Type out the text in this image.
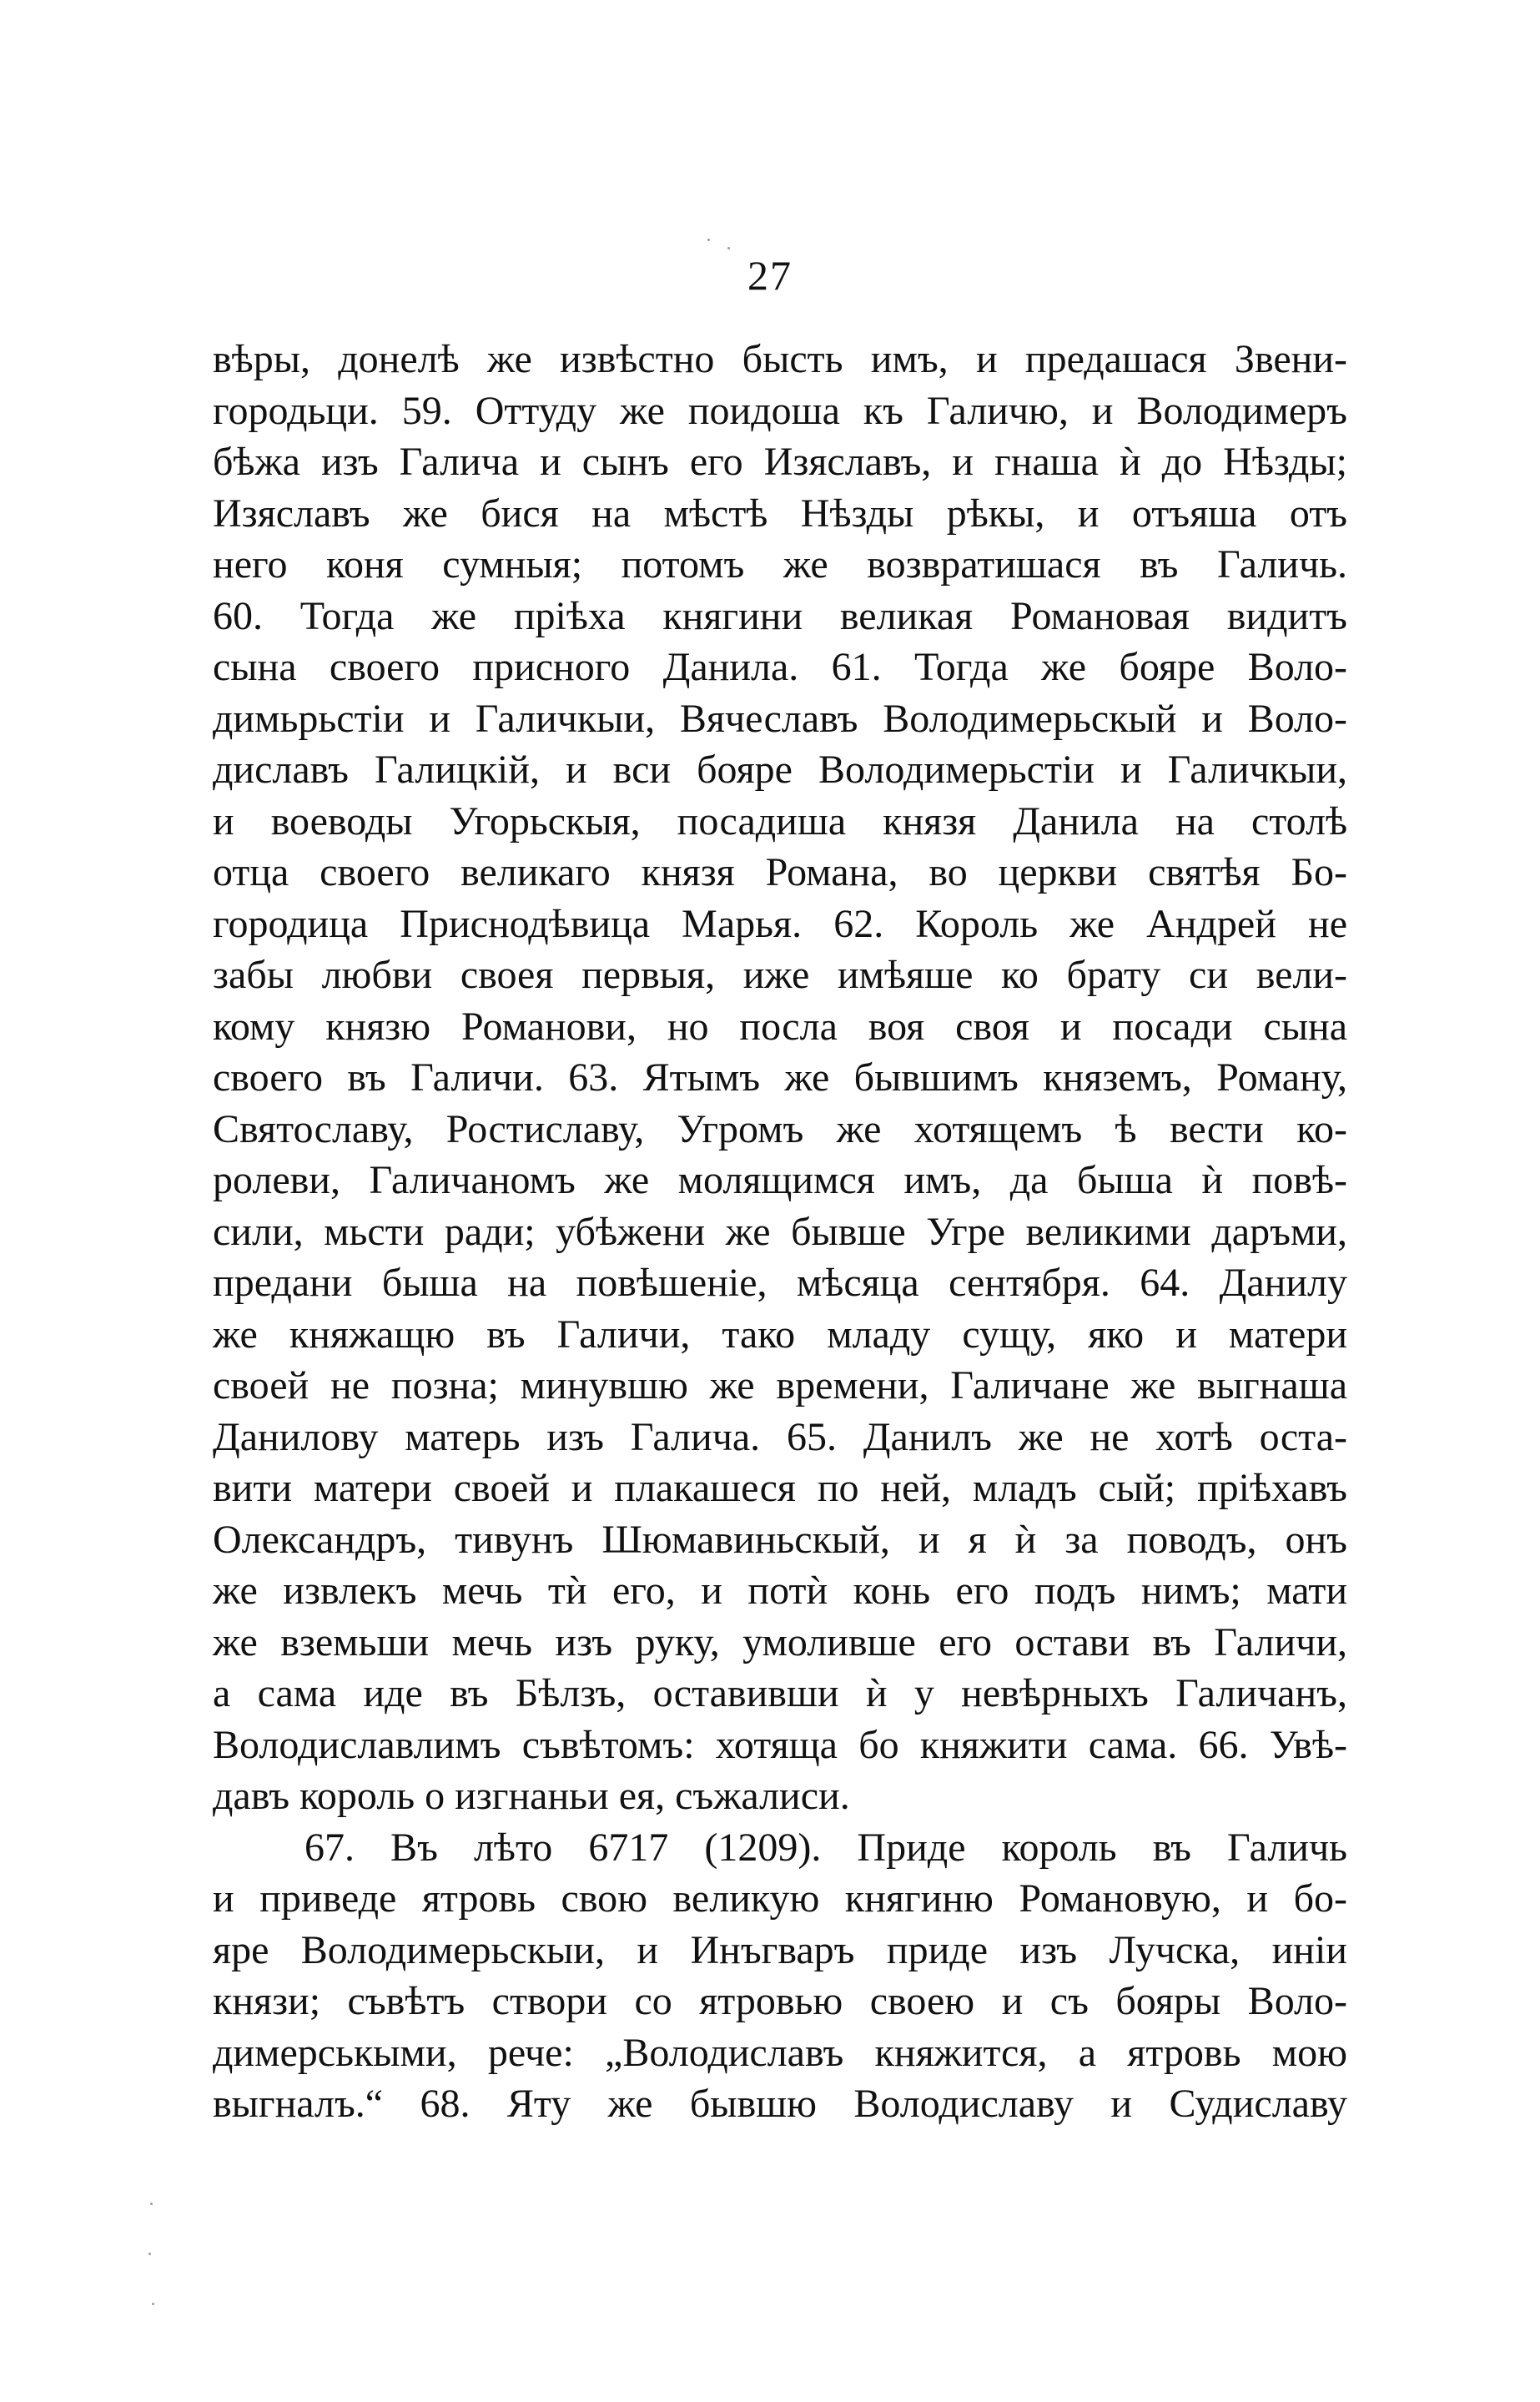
27
вѣры, донелѣ же извѣстно бысть имъ, и предашася Звени-
городьци. 59. Оттуду же поидоша къ Галичю, и Володимеръ
бѣжа изъ Галича и сынъ его Изяславъ, и гнаша ѝ до Нѣзды;
Изяславъ же бися на мѣстѣ Нѣзды рѣкы, и отъяша отъ
него коня сумныя; потомъ же возвратишася въ Галичь.
60. Тогда же прiѣха княгини великая Романовая видитъ
сына своего присного Данила. 61. Тогда же бояре Воло-
димьрьстiи и Галичкыи, Вячеславъ Володимерьскый и Воло-
диславъ Галицкiй, и вси бояре Володимерьстiи и Галичкыи,
и воеводы Угорьскыя, посадиша князя Данила на столѣ
отца своего великаго князя Романа, во церкви святѣя Бо-
городица Приснодѣвица Марья. 62. Король же Андрей не
забы любви своея первыя, иже имѣяше ко брату си вели-
кому князю Романови, но посла воя своя и посади сына
своего въ Галичи. 63. Ятымъ же бывшимъ княземъ, Роману,
Святославу, Ростиславу, Угромъ же хотящемъ ѣ вести ко-
ролеви, Галичаномъ же молящимся имъ, да быша ѝ повѣ-
сили, мьсти ради; убѣжени же бывше Угре великими даръми,
предани быша на повѣшенiе, мѣсяца сентября. 64. Данилу
же княжащю въ Галичи, тако младу сущу, яко и матери
своей не позна; минувшю же времени, Галичане же выгнаша
Данилову матерь изъ Галича. 65. Данилъ же не хотѣ оста-
вити матери своей и плакашеся по ней, младъ сый; прiѣхавъ
Олександръ, тивунъ Шюмавиньскый, и я ѝ за поводъ, онъ
же извлекъ мечь тѝ его, и потѝ конь его подъ нимъ; мати
же вземьши мечь изъ руку, умоливше его остави въ Галичи,
а сама иде въ Бѣлзъ, оставивши ѝ у невѣрныхъ Галичанъ,
Володиславлимъ съвѣтомъ: хотяща бо княжити сама. 66. Увѣ-
давъ король о изгнаньи ея, съжалиси.
67. Въ лѣто 6717 (1209). Приде король въ Галичь
и приведе ятровь свою великую княгиню Романовую, и бо-
яре Володимерьскыи, и Инъгваръ приде изъ Лучска, инiи
князи; съвѣтъ створи со ятровью своею и съ бояры Воло-
димерськыми, рече: „Володиславъ княжится, а ятровь мою
выгналъ.“ 68. Яту же бывшю Володиславу и Судиславу
